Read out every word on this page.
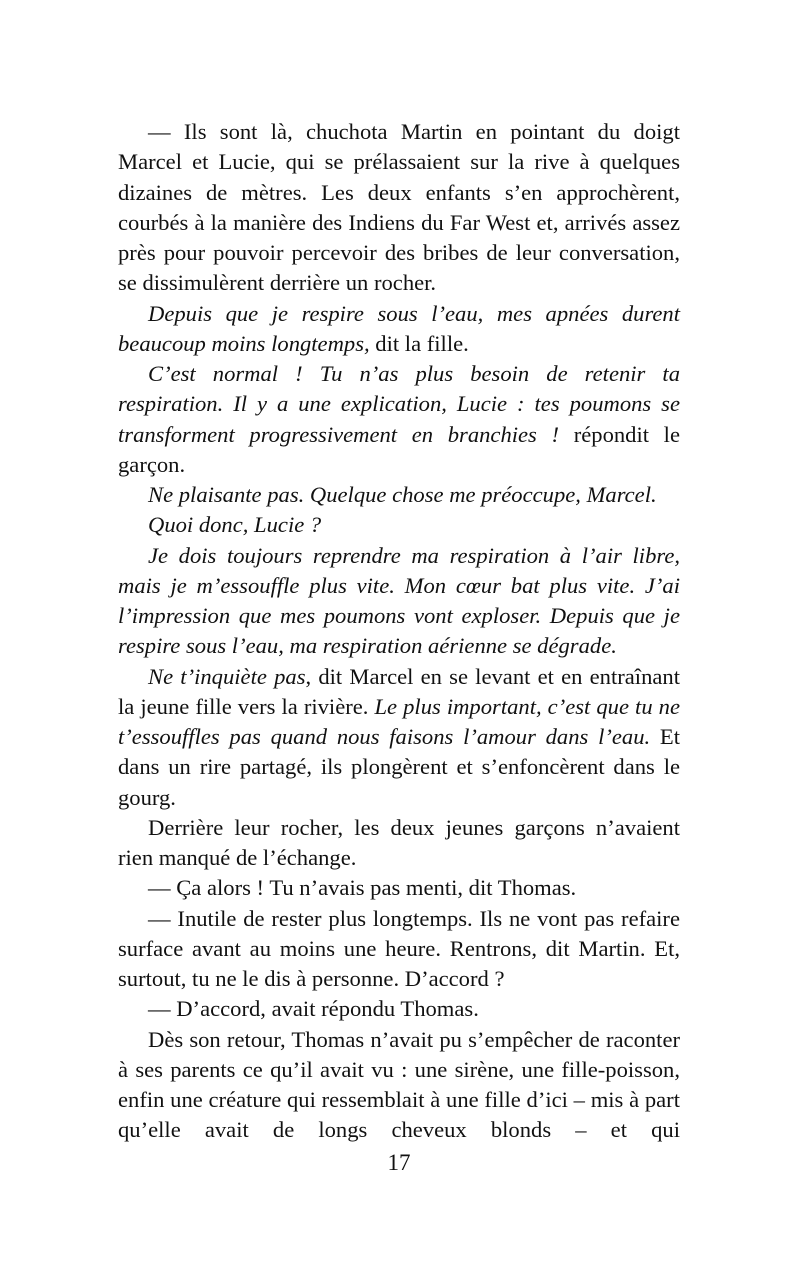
— Ils sont là, chuchota Martin en pointant du doigt Marcel et Lucie, qui se prélassaient sur la rive à quelques dizaines de mètres. Les deux enfants s’en approchèrent, courbés à la manière des Indiens du Far West et, arrivés assez près pour pouvoir percevoir des bribes de leur conversation, se dissimulèrent derrière un rocher.

Depuis que je respire sous l’eau, mes apnées durent beaucoup moins longtemps, dit la fille.

C’est normal ! Tu n’as plus besoin de retenir ta respiration. Il y a une explication, Lucie : tes poumons se transforment progressivement en branchies ! répondit le garçon.

Ne plaisante pas. Quelque chose me préoccupe, Marcel.

Quoi donc, Lucie ?

Je dois toujours reprendre ma respiration à l’air libre, mais je m’essouffle plus vite. Mon cœur bat plus vite. J’ai l’impression que mes poumons vont exploser. Depuis que je respire sous l’eau, ma respiration aérienne se dégrade.

Ne t’inquiète pas, dit Marcel en se levant et en entraînant la jeune fille vers la rivière. Le plus important, c’est que tu ne t’essouffles pas quand nous faisons l’amour dans l’eau. Et dans un rire partagé, ils plongèrent et s’enfoncèrent dans le gourg.

Derrière leur rocher, les deux jeunes garçons n’avaient rien manqué de l’échange.

— Ça alors ! Tu n’avais pas menti, dit Thomas.

— Inutile de rester plus longtemps. Ils ne vont pas refaire surface avant au moins une heure. Rentrons, dit Martin. Et, surtout, tu ne le dis à personne. D’accord ?

— D’accord, avait répondu Thomas.

Dès son retour, Thomas n’avait pu s’empêcher de raconter à ses parents ce qu’il avait vu : une sirène, une fille-poisson, enfin une créature qui ressemblait à une fille d’ici – mis à part qu’elle avait de longs cheveux blonds – et qui

17
